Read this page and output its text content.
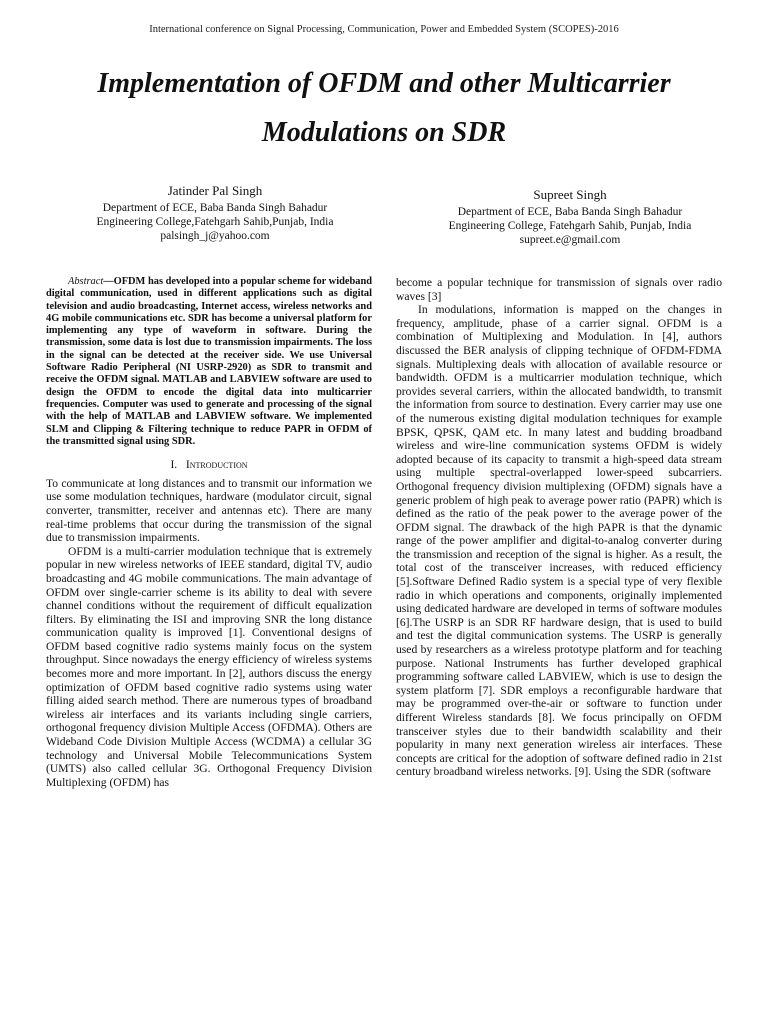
International conference on Signal Processing, Communication, Power and Embedded System (SCOPES)-2016
Implementation of OFDM and other Multicarrier
Modulations on SDR
Jatinder Pal Singh
Department of ECE, Baba Banda Singh Bahadur
Engineering College,Fatehgarh Sahib,Punjab, India
palsingh_j@yahoo.com
Supreet Singh
Department of ECE, Baba Banda Singh Bahadur
Engineering College, Fatehgarh Sahib, Punjab, India
supreet.e@gmail.com

Abstract—OFDM has developed into a popular scheme for wideband digital communication, used in different applications such as digital television and audio broadcasting, Internet access, wireless networks and 4G mobile communications etc. SDR has become a universal platform for implementing any type of waveform in software. During the transmission, some data is lost due to transmission impairments. The loss in the signal can be detected at the receiver side. We use Universal Software Radio Peripheral (NI USRP-2920) as SDR to transmit and receive the OFDM signal. MATLAB and LABVIEW software are used to design the OFDM to encode the digital data into multicarrier frequencies. Computer was used to generate and processing of the signal with the help of MATLAB and LABVIEW software. We implemented SLM and Clipping & Filtering technique to reduce PAPR in OFDM of the transmitted signal using SDR.

I. Introduction

To communicate at long distances and to transmit our information we use some modulation techniques, hardware (modulator circuit, signal converter, transmitter, receiver and antennas etc). There are many real-time problems that occur during the transmission of the signal due to transmission impairments.

OFDM is a multi-carrier modulation technique that is extremely popular in new wireless networks of IEEE standard, digital TV, audio broadcasting and 4G mobile communications. The main advantage of OFDM over single-carrier scheme is its ability to deal with severe channel conditions without the requirement of difficult equalization filters. By eliminating the ISI and improving SNR the long distance communication quality is improved [1]. Conventional designs of OFDM based cognitive radio systems mainly focus on the system throughput. Since nowadays the energy efficiency of wireless systems becomes more and more important. In [2], authors discuss the energy optimization of OFDM based cognitive radio systems using water filling aided search method. There are numerous types of broadband wireless air interfaces and its variants including single carriers, orthogonal frequency division Multiple Access (OFDMA). Others are Wideband Code Division Multiple Access (WCDMA) a cellular 3G technology and Universal Mobile Telecommunications System (UMTS) also called cellular 3G. Orthogonal Frequency Division Multiplexing (OFDM) has

become a popular technique for transmission of signals over radio waves [3]

In modulations, information is mapped on the changes in frequency, amplitude, phase of a carrier signal. OFDM is a combination of Multiplexing and Modulation. In [4], authors discussed the BER analysis of clipping technique of OFDM-FDMA signals. Multiplexing deals with allocation of available resource or bandwidth. OFDM is a multicarrier modulation technique, which provides several carriers, within the allocated bandwidth, to transmit the information from source to destination. Every carrier may use one of the numerous existing digital modulation techniques for example BPSK, QPSK, QAM etc. In many latest and budding broadband wireless and wire-line communication systems OFDM is widely adopted because of its capacity to transmit a high-speed data stream using multiple spectral-overlapped lower-speed subcarriers. Orthogonal frequency division multiplexing (OFDM) signals have a generic problem of high peak to average power ratio (PAPR) which is defined as the ratio of the peak power to the average power of the OFDM signal. The drawback of the high PAPR is that the dynamic range of the power amplifier and digital-to-analog converter during the transmission and reception of the signal is higher. As a result, the total cost of the transceiver increases, with reduced efficiency [5].Software Defined Radio system is a special type of very flexible radio in which operations and components, originally implemented using dedicated hardware are developed in terms of software modules [6].The USRP is an SDR RF hardware design, that is used to build and test the digital communication systems. The USRP is generally used by researchers as a wireless prototype platform and for teaching purpose. National Instruments has further developed graphical programming software called LABVIEW, which is use to design the system platform [7]. SDR employs a reconfigurable hardware that may be programmed over-the-air or software to function under different Wireless standards [8]. We focus principally on OFDM transceiver styles due to their bandwidth scalability and their popularity in many next generation wireless air interfaces. These concepts are critical for the adoption of software defined radio in 21st century broadband wireless networks. [9]. Using the SDR (software
